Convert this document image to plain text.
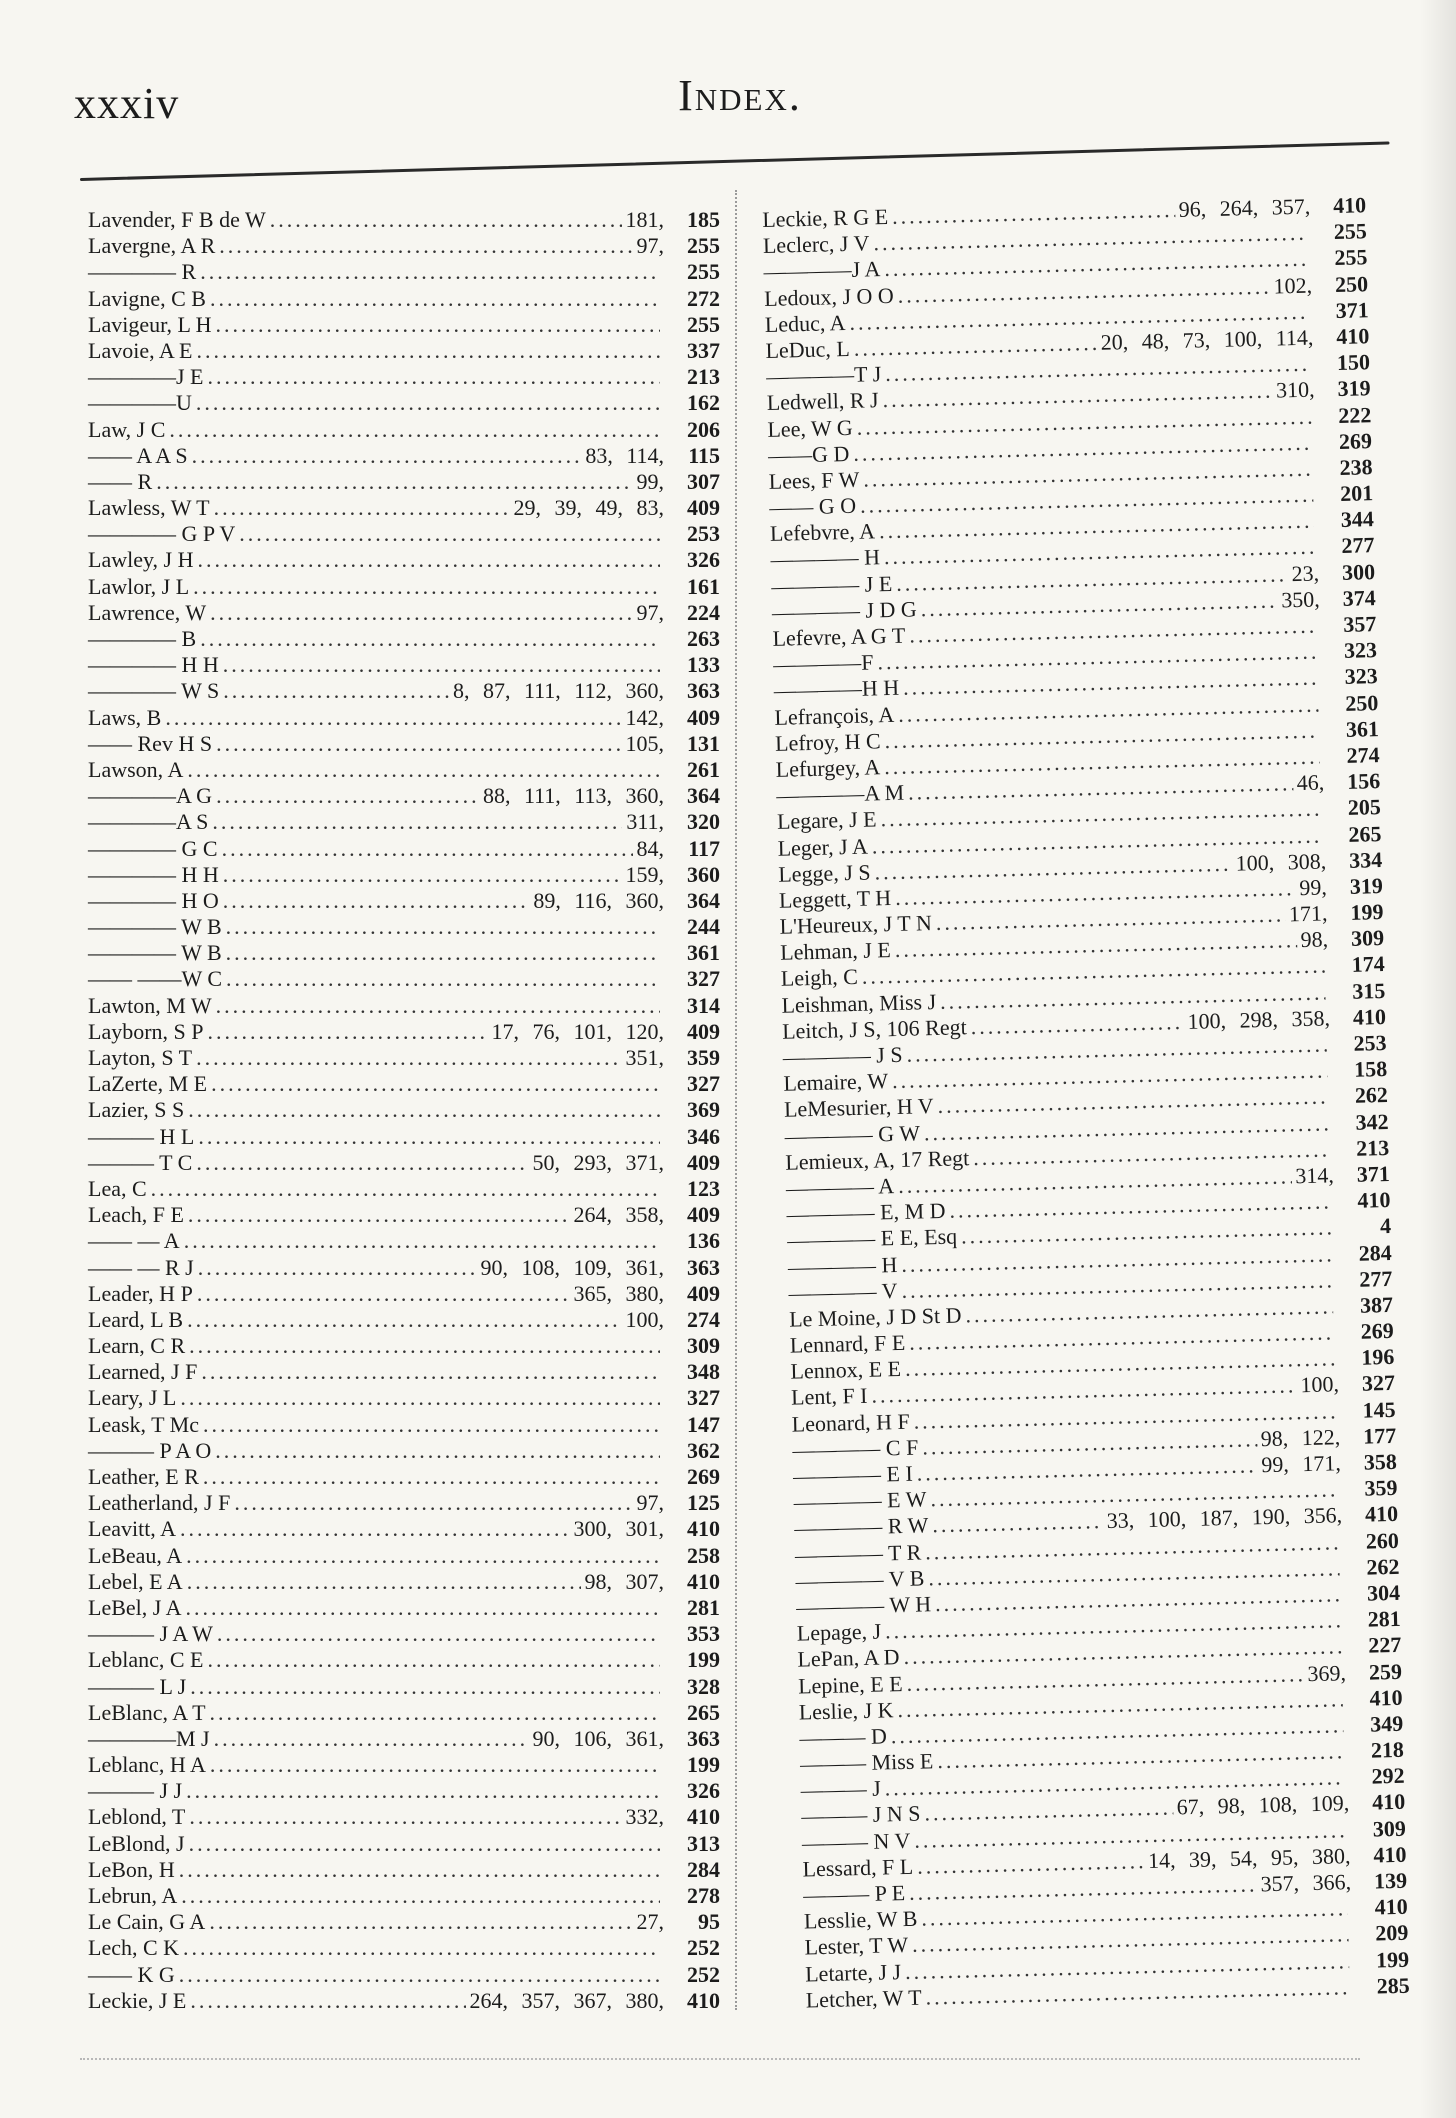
xxxiv	Index.
Lavender, F B de W .....	181,	185
Lavergne, A R .....	97,	255
———— R .....	255
Lavigne, C B .....	272
Lavigeur, L H .....	255
Lavoie, A E .....	337
————J E .....	213
————U .....	162
Law, J C .....	206
—— A A S .....	83, 114,	115
—— R .....	99,	307
Lawless, W T .....	29, 39, 49, 83,	409
———— G P V .....	253
Lawley, J H .....	326
Lawlor, J L .....	161
Lawrence, W .....	97,	224
———— B .....	263
———— H H .....	133
———— W S .....	8, 87, 111, 112, 360,	363
Laws, B .....	142,	409
—— Rev H S .....	105,	131
Lawson, A .....	261
————A G .....	88, 111, 113, 360,	364
————A S .....	311,	320
———— G C .....	84,	117
———— H H .....	159,	360
———— H O .....	89, 116, 360,	364
———— W B .....	244
———— W B .....	361
—— ——W C .....	327
Lawton, M W .....	314
Layborn, S P .....	17, 76, 101, 120,	409
Layton, S T .....	351,	359
LaZerte, M E .....	327
Lazier, S S .....	369
——— H L .....	346
——— T C .....	50, 293, 371,	409
Lea, C .....	123
Leach, F E .....	264, 358,	409
—— — A .....	136
—— — R J .....	90, 108, 109, 361,	363
Leader, H P .....	365, 380,	409
Leard, L B .....	100,	274
Learn, C R .....	309
Learned, J F .....	348
Leary, J L .....	327
Leask, T Mc .....	147
——— P A O .....	362
Leather, E R .....	269
Leatherland, J F .....	97,	125
Leavitt, A .....	300, 301,	410
LeBeau, A .....	258
Lebel, E A .....	98, 307,	410
LeBel, J A .....	281
——— J A W .....	353
Leblanc, C E .....	199
——— L J .....	328
LeBlanc, A T .....	265
————M J .....	90, 106, 361,	363
Leblanc, H A .....	199
——— J J .....	326
Leblond, T .....	332,	410
LeBlond, J .....	313
LeBon, H .....	284
Lebrun, A .....	278
Le Cain, G A .....	27,	95
Lech, C K .....	252
—— K G .....	252
Leckie, J E .....	264, 357, 367, 380,	410
Leckie, R G E .....	96, 264, 357,	410
Leclerc, J V .....	255
————J A .....	255
Ledoux, J O O .....	102,	250
Leduc, A .....	371
LeDuc, L .....	20, 48, 73, 100, 114,	410
————T J .....	150
Ledwell, R J .....	310,	319
Lee, W G .....	222
——G D .....	269
Lees, F W .....	238
—— G O .....	201
Lefebvre, A .....	344
———— H .....	277
———— J E .....	23,	300
———— J D G .....	350,	374
Lefevre, A G T .....	357
————F .....	323
————H H .....	323
Lefrançois, A .....	250
Lefroy, H C .....	361
Lefurgey, A .....	274
————A M .....	46,	156
Legare, J E .....	205
Leger, J A .....	265
Legge, J S .....	100, 308,	334
Leggett, T H .....	99,	319
L'Heureux, J T N .....	171,	199
Lehman, J E .....	98,	309
Leigh, C .....	174
Leishman, Miss J .....	315
Leitch, J S, 106 Regt .....	100, 298, 358,	410
———— J S .....	253
Lemaire, W .....	158
LeMesurier, H V .....	262
———— G W .....	342
Lemieux, A, 17 Regt .....	213
———— A .....	314,	371
———— E, M D .....	410
———— E E, Esq .....	4
———— H .....	284
———— V .....	277
Le Moine, J D St D .....	387
Lennard, F E .....	269
Lennox, E E .....	196
Lent, F I .....	100,	327
Leonard, H F .....	145
———— C F .....	98, 122,	177
———— E I .....	99, 171,	358
———— E W .....	359
———— R W .....	33, 100, 187, 190, 356,	410
———— T R .....	260
———— V B .....	262
———— W H .....	304
Lepage, J .....	281
LePan, A D .....	227
Lepine, E E .....	369,	259
Leslie, J K .....	410
——— D .....	349
——— Miss E .....	218
——— J .....	292
——— J N S .....	67, 98, 108, 109,	410
——— N V .....	309
Lessard, F L .....	14, 39, 54, 95, 380,	410
——— P E .....	357, 366,	139
Lesslie, W B .....	410
Lester, T W .....	209
Letarte, J J .....	199
Letcher, W T .....	285
